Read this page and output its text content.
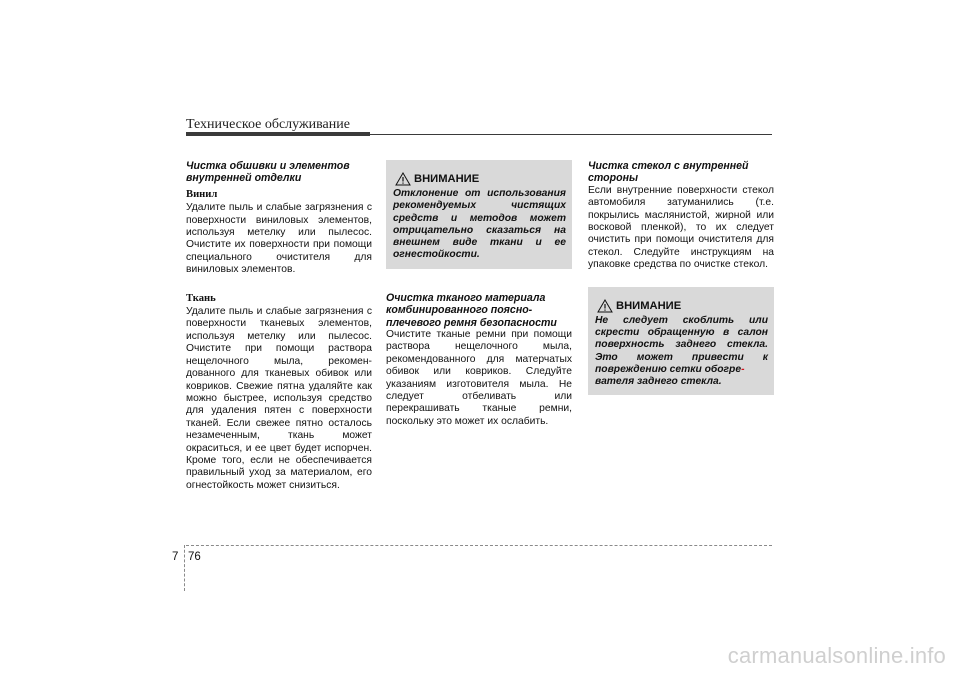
Техническое обслуживание

Чистка обшивки и элементов
внутренней отделки

Винил

Удалите пыль и слабые загрязнения с поверхности виниловых элементов, используя метелку или пылесос. Очистите их поверхности при помощи специального очистителя для виниловых элементов.

Ткань

Удалите пыль и слабые загрязнения с поверхности тканевых элементов, используя метелку или пылесос. Очистите при помощи раствора нещелочного мыла, рекомен-дованного для тканевых обивок или ковриков. Свежие пятна удаляйте как можно быстрее, используя средство для удаления пятен с поверхности тканей. Если свежее пятно осталось незамеченным, ткань может окраситься, и ее цвет будет испорчен. Кроме того, если не обеспечивается правильный уход за материалом, его огнестойкость может снизиться.

ВНИМАНИЕ

Отклонение от использования рекомендуемых чистящих средств и методов может отрицательно сказаться на внешнем виде ткани и ее огнестойкости.

Очистка тканого материала
комбинированного поясно-
плечевого ремня безопасности

Очистите тканые ремни при помощи раствора нещелочного мыла, рекомендованного для матерчатых обивок или ковриков. Следуйте указаниям изготовителя мыла. Не следует отбеливать или перекрашивать тканые ремни, поскольку это может их ослабить.

Чистка стекол с внутренней
стороны

Если внутренние поверхности стекол автомобиля затуманились (т.е. покрылись маслянистой, жирной или восковой пленкой), то их следует очистить при помощи очистителя для стекол. Следуйте инструкциям на упаковке средства по очистке стекол.

ВНИМАНИЕ

Не следует скоблить или скрести обращенную в салон поверхность заднего стекла. Это может привести к повреждению сетки обогре-
вателя заднего стекла.

7 76
carmanualsonline.info
